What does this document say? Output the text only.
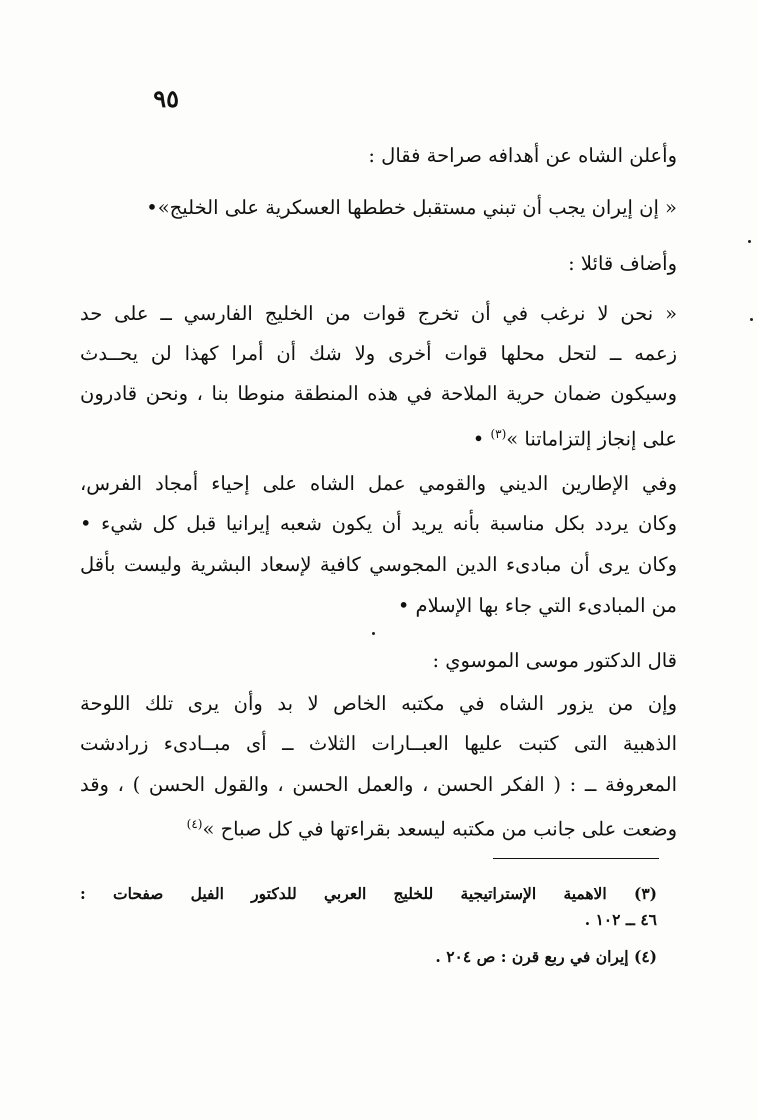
٩٥
وأعلن الشاه عن أهدافه صراحة فقال :
« إن إيران يجب أن تبني مستقبل خططها العسكرية على الخليج»•
وأضاف قائلا :
« نحن لا نرغب في أن تخرج قوات من الخليج الفارسي ــ على حد
زعمه ــ لتحل محلها قوات أخرى ولا شك أن أمرا كهذا لن يحــدث
وسيكون ضمان حرية الملاحة في هذه المنطقة منوطا بنا ، ونحن قادرون
على إنجاز إلتزاماتنا »$^{(٣)}$ •
وفي الإطارين الديني والقومي عمل الشاه على إحياء أمجاد الفرس،
وكان يردد بكل مناسبة بأنه يريد أن يكون شعبه إيرانيا قبل كل شيء •
وكان يرى أن مبادىء الدين المجوسي كافية لإسعاد البشرية وليست بأقل
من المبادىء التي جاء بها الإسلام •
قال الدكتور موسى الموسوي :
وإن من يزور الشاه في مكتبه الخاص لا بد وأن يرى تلك اللوحة
الذهبية التى كتبت عليها العبــارات الثلاث ــ أى مبــادىء زرادشت
المعروفة ــ : ( الفكر الحسن ، والعمل الحسن ، والقول الحسن ) ، وقد
وضعت على جانب من مكتبه ليسعد بقراءتها في كل صباح »$^{(٤)}$
(٣) الاهمية الإستراتيجية للخليج العربي للدكتور الفيل صفحات :
٤٦ ــ ١٠٢ .
(٤) إيران في ربع قرن : ص ٢٠٤ .
